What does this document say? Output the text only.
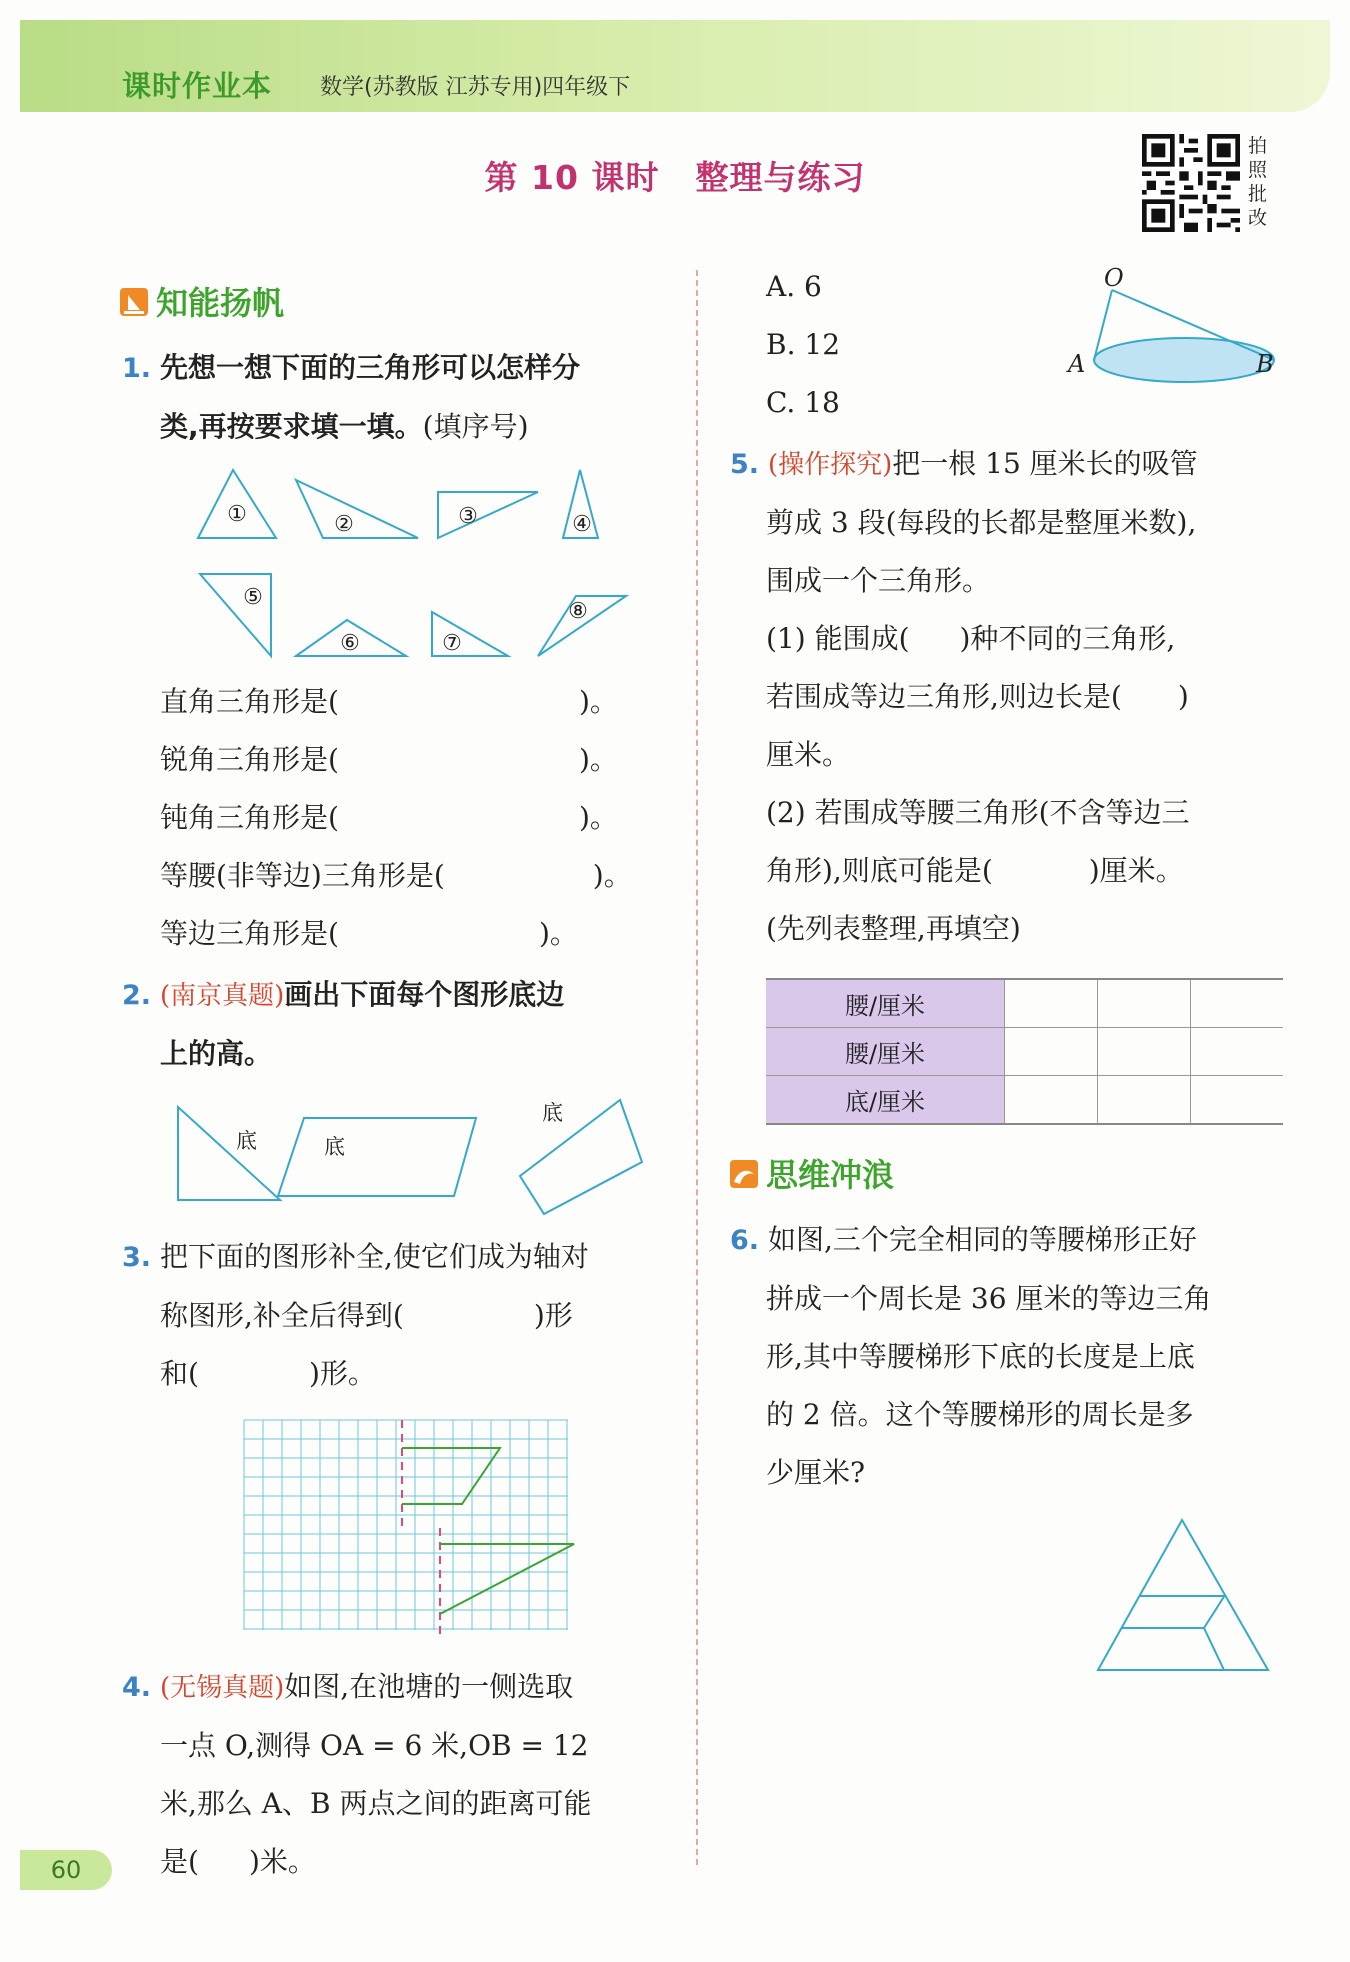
课时作业本 数学(苏教版 江苏专用)四年级下
第 10 课时 整理与练习
拍照批改
知能扬帆
1. 先想一想下面的三角形可以怎样分
类,再按要求填一填。(填序号)
①	②	③	④
⑤
⑥	⑦
⑧
直角三角形是(	)。
锐角三角形是(	)。
钝角三角形是(	)。
等腰(非等边)三角形是(	)。
等边三角形是(	)。
2. (南京真题)画出下面每个图形底边
上的高。
底	底
底
3. 把下面的图形补全,使它们成为轴对
称图形,补全后得到(	)形
和(	)形。
4. (无锡真题)如图,在池塘的一侧选取
一点 O,测得 OA = 6 米,OB = 12
米,那么 A、B 两点之间的距离可能
是( )米。
60
A. 6
B. 12
C. 18
O
A	B
5. (操作探究)把一根 15 厘米长的吸管
剪成 3 段(每段的长都是整厘米数),
围成一个三角形。
(1) 能围成( )种不同的三角形,
若围成等边三角形,则边长是( )
厘米。
(2) 若围成等腰三角形(不含等边三
角形),则底可能是(	)厘米。
(先列表整理,再填空)
腰/厘米			
腰/厘米			
底/厘米			
思维冲浪
6. 如图,三个完全相同的等腰梯形正好
拼成一个周长是 36 厘米的等边三角
形,其中等腰梯形下底的长度是上底
的 2 倍。这个等腰梯形的周长是多
少厘米?
